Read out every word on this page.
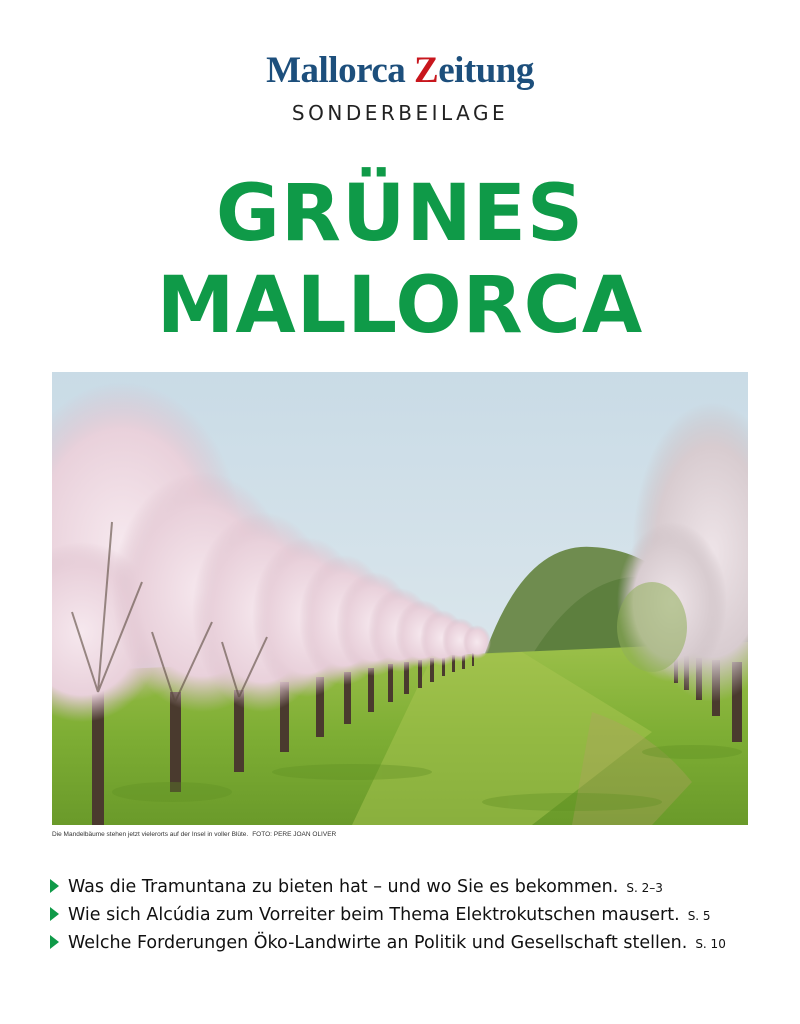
Mallorca Zeitung
SONDERBEILAGE
GRÜNES
MALLORCA
Die Mandelbäume stehen jetzt vielerorts auf der Insel in voller Blüte. FOTO: PERE JOAN OLIVER
Was die Tramuntana zu bieten hat – und wo Sie es bekommen. S. 2–3
Wie sich Alcúdia zum Vorreiter beim Thema Elektrokutschen mausert. S. 5
Welche Forderungen Öko-Landwirte an Politik und Gesellschaft stellen. S. 10
